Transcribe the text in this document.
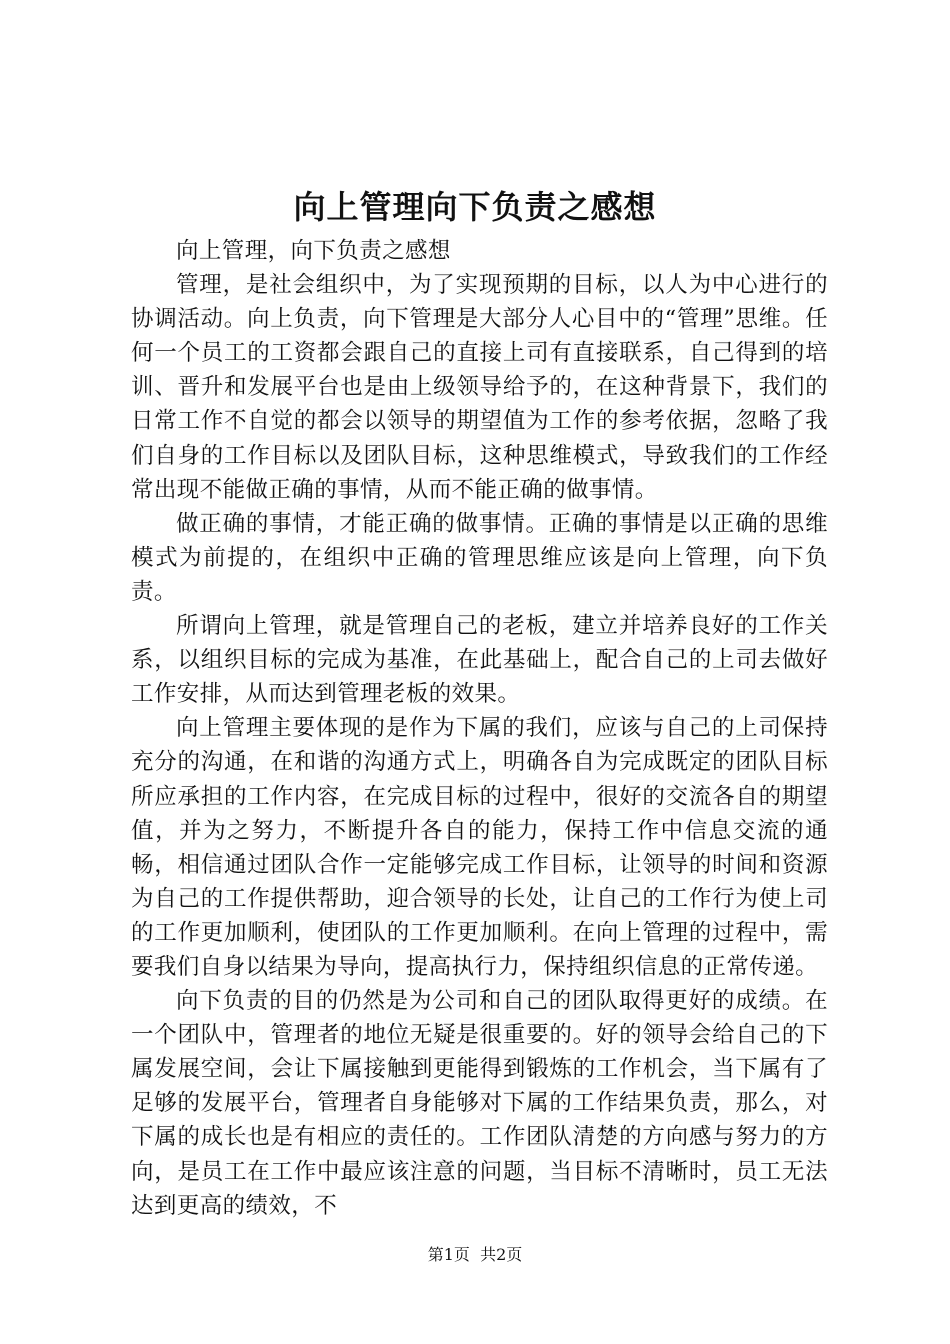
向上管理向下负责之感想

向上管理，向下负责之感想

管理，是社会组织中，为了实现预期的目标，以人为中心进行的协调活动。向上负责，向下管理是大部分人心目中的“管理”思维。任何一个员工的工资都会跟自己的直接上司有直接联系，自己得到的培训、晋升和发展平台也是由上级领导给予的，在这种背景下，我们的日常工作不自觉的都会以领导的期望值为工作的参考依据，忽略了我们自身的工作目标以及团队目标，这种思维模式，导致我们的工作经常出现不能做正确的事情，从而不能正确的做事情。

做正确的事情，才能正确的做事情。正确的事情是以正确的思维模式为前提的，在组织中正确的管理思维应该是向上管理，向下负责。

所谓向上管理，就是管理自己的老板，建立并培养良好的工作关系，以组织目标的完成为基准，在此基础上，配合自己的上司去做好工作安排，从而达到管理老板的效果。

向上管理主要体现的是作为下属的我们，应该与自己的上司保持充分的沟通，在和谐的沟通方式上，明确各自为完成既定的团队目标所应承担的工作内容，在完成目标的过程中，很好的交流各自的期望值，并为之努力，不断提升各自的能力，保持工作中信息交流的通畅，相信通过团队合作一定能够完成工作目标，让领导的时间和资源为自己的工作提供帮助，迎合领导的长处，让自己的工作行为使上司的工作更加顺利，使团队的工作更加顺利。在向上管理的过程中，需要我们自身以结果为导向，提高执行力，保持组织信息的正常传递。

向下负责的目的仍然是为公司和自己的团队取得更好的成绩。在一个团队中，管理者的地位无疑是很重要的。好的领导会给自己的下属发展空间，会让下属接触到更能得到锻炼的工作机会，当下属有了足够的发展平台，管理者自身能够对下属的工作结果负责，那么，对下属的成长也是有相应的责任的。工作团队清楚的方向感与努力的方向，是员工在工作中最应该注意的问题，当目标不清晰时，员工无法达到更高的绩效，不

第1页 共2页
